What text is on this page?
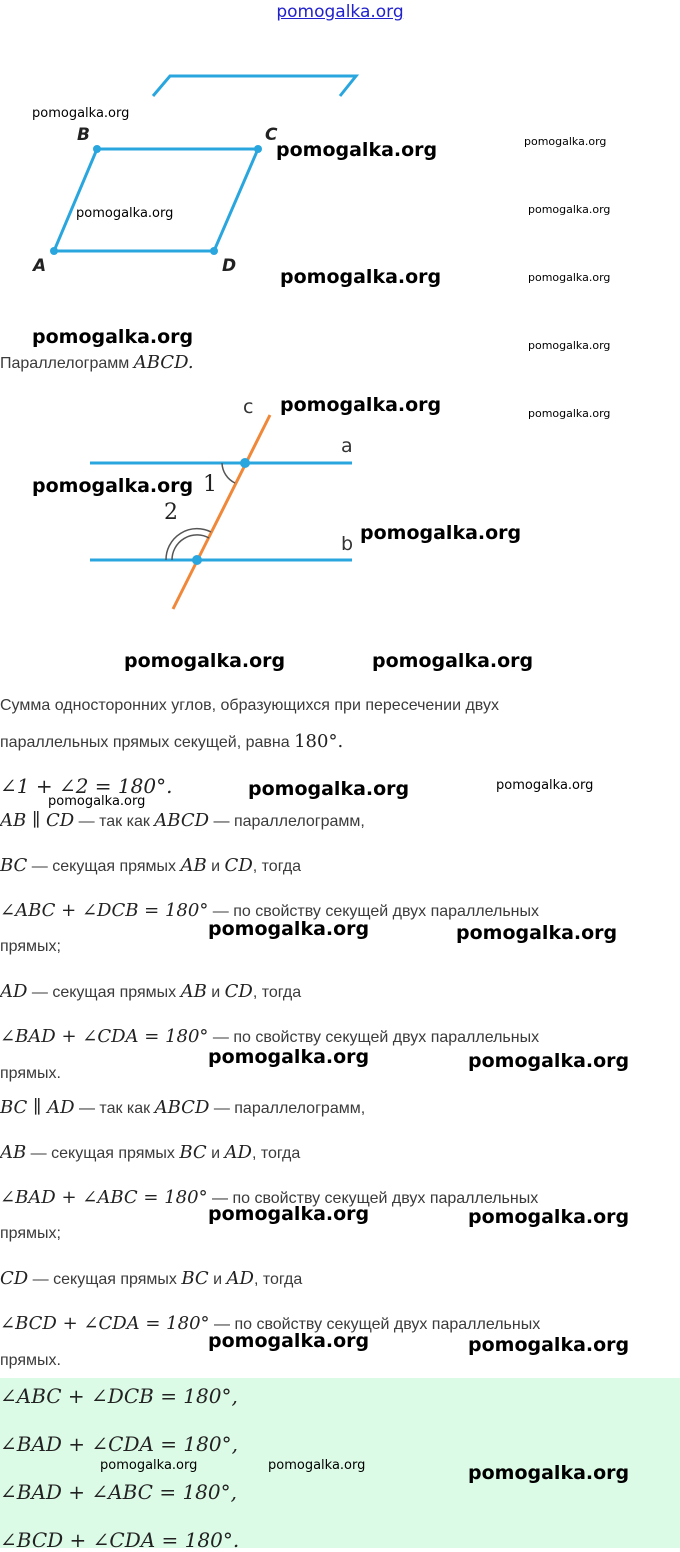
pomogalka.org
B	C
A	D
Параллелограмм ABCD.
c
a
b
1
2
Сумма односторонних углов, образующихся при пересечении двух
параллельных прямых секущей, равна 180°.
∠1 + ∠2 = 180°.
AB ∥ CD — так как ABCD — параллелограмм,
BC — секущая прямых AB и CD, тогда
∠ABC + ∠DCB = 180° — по свойству секущей двух параллельных
прямых;
AD — секущая прямых AB и CD, тогда
∠BAD + ∠CDA = 180° — по свойству секущей двух параллельных
прямых.
BC ∥ AD — так как ABCD — параллелограмм,
AB — секущая прямых BC и AD, тогда
∠BAD + ∠ABC = 180° — по свойству секущей двух параллельных
прямых;
CD — секущая прямых BC и AD, тогда
∠BCD + ∠CDA = 180° — по свойству секущей двух параллельных
прямых.
∠ABC + ∠DCB = 180°,
∠BAD + ∠CDA = 180°,
∠BAD + ∠ABC = 180°,
∠BCD + ∠CDA = 180°.
pomogalka.org
pomogalka.org	pomogalka.org
pomogalka.org	pomogalka.org
pomogalka.org	pomogalka.org
pomogalka.org	pomogalka.org
pomogalka.org	pomogalka.org
pomogalka.org
pomogalka.org
pomogalka.org	pomogalka.org
pomogalka.org	pomogalka.org
pomogalka.org
pomogalka.org	pomogalka.org
pomogalka.org	pomogalka.org
pomogalka.org	pomogalka.org
pomogalka.org	pomogalka.org
pomogalka.org	pomogalka.org	pomogalka.org
